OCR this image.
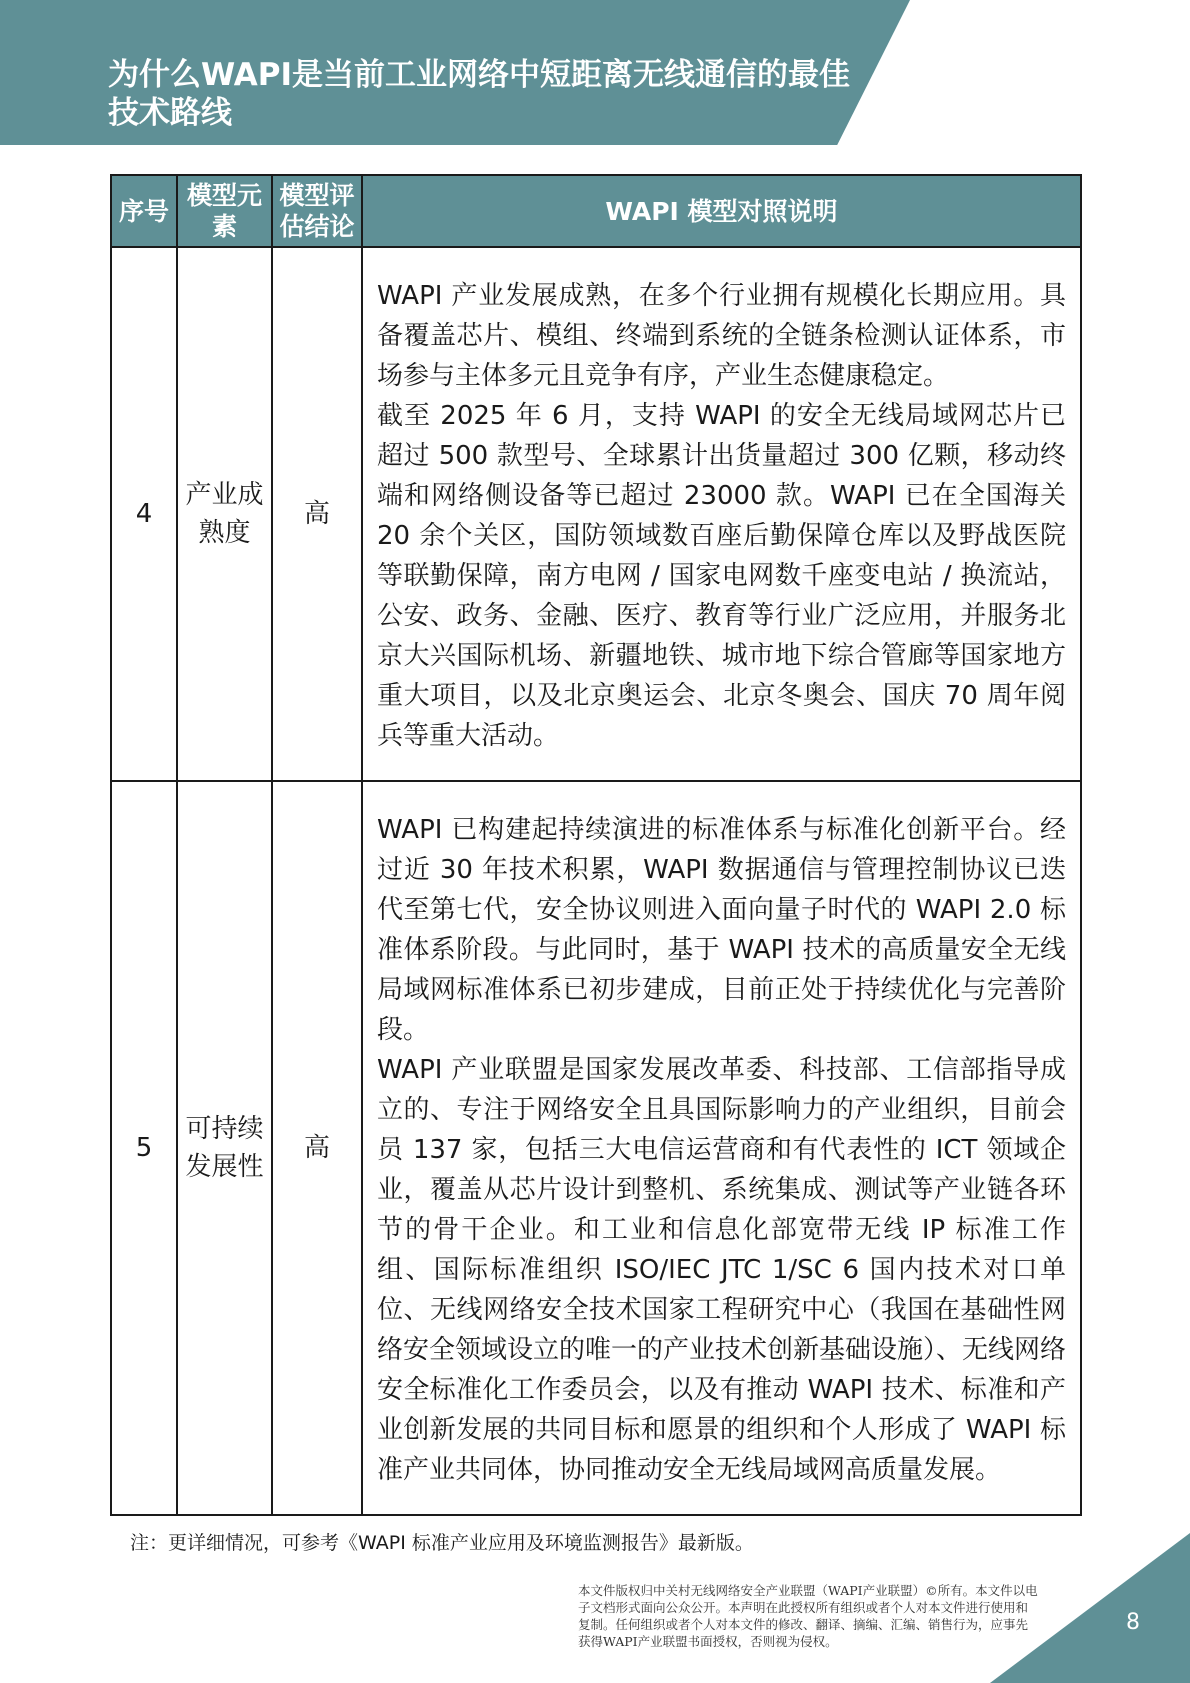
为什么WAPI是当前工业网络中短距离无线通信的最佳技术路线
序号	模型元素	模型评估结论	WAPI 模型对照说明
4	产业成熟度	高	WAPI 产业发展成熟，在多个行业拥有规模化长期应用。具备覆盖芯片、模组、终端到系统的全链条检测认证体系，市场参与主体多元且竞争有序，产业生态健康稳定。

截至 2025 年 6 月，支持 WAPI 的安全无线局域网芯片已超过 500 款型号、全球累计出货量超过 300 亿颗，移动终端和网络侧设备等已超过 23000 款。WAPI 已在全国海关 20 余个关区，国防领域数百座后勤保障仓库以及野战医院等联勤保障，南方电网 / 国家电网数千座变电站 / 换流站，公安、政务、金融、医疗、教育等行业广泛应用，并服务北京大兴国际机场、新疆地铁、城市地下综合管廊等国家地方重大项目，以及北京奥运会、北京冬奥会、国庆 70 周年阅兵等重大活动。

5	可持续发展性	高	WAPI 已构建起持续演进的标准体系与标准化创新平台。经过近 30 年技术积累，WAPI 数据通信与管理控制协议已迭代至第七代，安全协议则进入面向量子时代的 WAPI 2.0 标准体系阶段。与此同时，基于 WAPI 技术的高质量安全无线局域网标准体系已初步建成，目前正处于持续优化与完善阶段。

WAPI 产业联盟是国家发展改革委、科技部、工信部指导成立的、专注于网络安全且具国际影响力的产业组织，目前会员 137 家，包括三大电信运营商和有代表性的 ICT 领域企业，覆盖从芯片设计到整机、系统集成、测试等产业链各环节的骨干企业。和工业和信息化部宽带无线 IP 标准工作组、国际标准组织 ISO/IEC JTC 1/SC 6 国内技术对口单位、无线网络安全技术国家工程研究中心（我国在基础性网络安全领域设立的唯一的产业技术创新基础设施）、无线网络安全标准化工作委员会，以及有推动 WAPI 技术、标准和产业创新发展的共同目标和愿景的组织和个人形成了 WAPI 标准产业共同体，协同推动安全无线局域网高质量发展。

注：更详细情况，可参考《WAPI 标准产业应用及环境监测报告》最新版。

本文件版权归中关村无线网络安全产业联盟（WAPI产业联盟）©所有。本文件以电子文档形式面向公众公开。本声明在此授权所有组织或者个人对本文件进行使用和复制。任何组织或者个人对本文件的修改、翻译、摘编、汇编、销售行为，应事先获得WAPI产业联盟书面授权，否则视为侵权。

8
